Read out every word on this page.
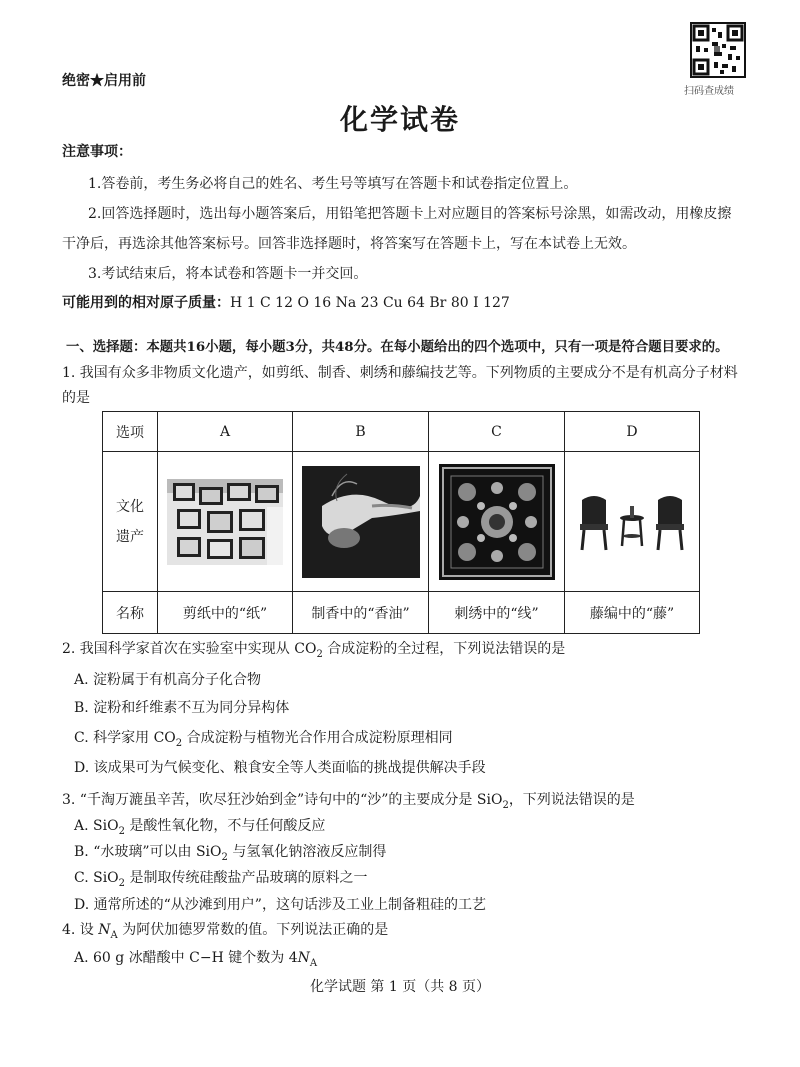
绝密★启用前
扫码查成绩
化学试卷
注意事项：
1.答卷前，考生务必将自己的姓名、考生号等填写在答题卡和试卷指定位置上。
2.回答选择题时，选出每小题答案后，用铅笔把答题卡上对应题目的答案标号涂黑，如需改动，用橡皮擦
干净后，再选涂其他答案标号。回答非选择题时，将答案写在答题卡上，写在本试卷上无效。
3.考试结束后，将本试卷和答题卡一并交回。
可能用到的相对原子质量：H 1 C 12 O 16 Na 23 Cu 64 Br 80 I 127
一、选择题：本题共16小题，每小题3分，共48分。在每小题给出的四个选项中，只有一项是符合题目要求的。
1. 我国有众多非物质文化遗产，如剪纸、制香、刺绣和藤编技艺等。下列物质的主要成分不是有机高分子材料
的是
选项	A	B	C	D

文化
遗产

名称	剪纸中的“纸”	制香中的“香油”	刺绣中的“线”	藤编中的“藤”
2. 我国科学家首次在实验室中实现从 $CO_2$ 合成淀粉的全过程，下列说法错误的是
A. 淀粉属于有机高分子化合物
B. 淀粉和纤维素不互为同分异构体
C. 科学家用 $CO_2$ 合成淀粉与植物光合作用合成淀粉原理相同
D. 该成果可为气候变化、粮食安全等人类面临的挑战提供解决手段
3. “千淘万漉虽辛苦，吹尽狂沙始到金”诗句中的“沙”的主要成分是 SiO$_2$，下列说法错误的是
A. SiO$_2$ 是酸性氧化物，不与任何酸反应
B. “水玻璃”可以由 SiO$_2$ 与氢氧化钠溶液反应制得
C. SiO$_2$ 是制取传统硅酸盐产品玻璃的原料之一
D. 通常所述的“从沙滩到用户”，这句话涉及工业上制备粗硅的工艺
4. 设 $N_A$ 为阿伏加德罗常数的值。下列说法正确的是
A. 60 g 冰醋酸中 C−H 键个数为 $4N_A$
化学试题 第 1 页（共 8 页）
